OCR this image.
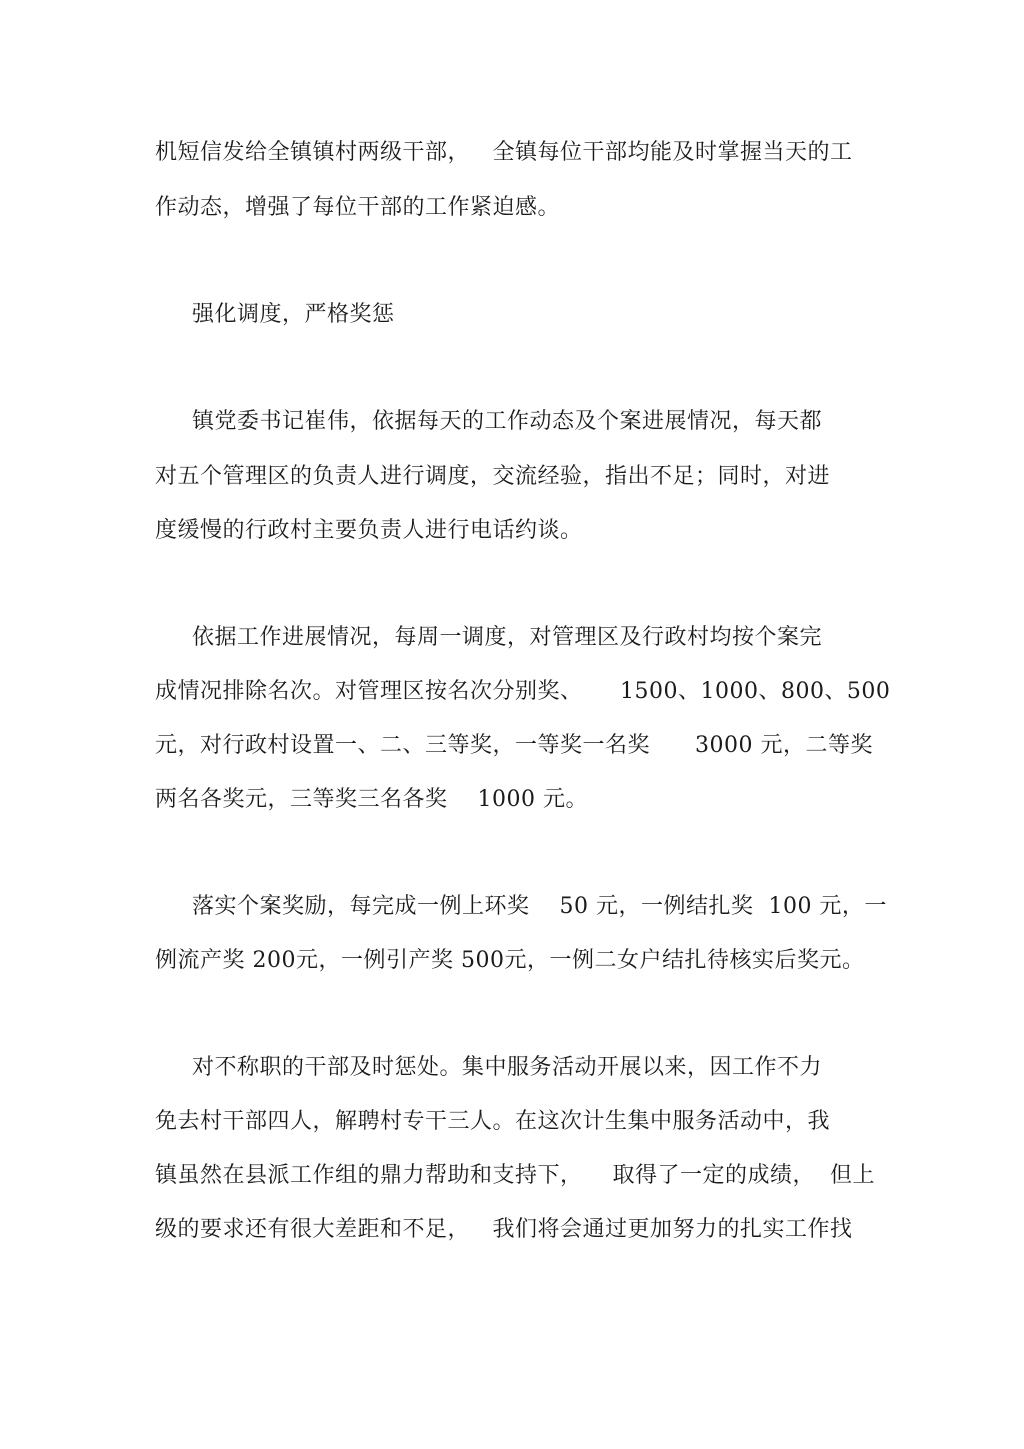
机短信发给全镇镇村两级干部，   全镇每位干部均能及时掌握当天的工
作动态，增强了每位干部的工作紧迫感。
强化调度，严格奖惩
镇党委书记崔伟，依据每天的工作动态及个案进展情况，每天都
对五个管理区的负责人进行调度，交流经验，指出不足；同时，对进
度缓慢的行政村主要负责人进行电话约谈。
依据工作进展情况，每周一调度，对管理区及行政村均按个案完
成情况排除名次。对管理区按名次分别奖、     1500、1000、800、500
元，对行政村设置一、二、三等奖，一等奖一名奖      3000 元，二等奖
两名各奖元，三等奖三名各奖    1000 元。
落实个案奖励，每完成一例上环奖    50 元，一例结扎奖  100 元，一
例流产奖 200元，一例引产奖 500元，一例二女户结扎待核实后奖元。
对不称职的干部及时惩处。集中服务活动开展以来，因工作不力
免去村干部四人，解聘村专干三人。在这次计生集中服务活动中，我
镇虽然在县派工作组的鼎力帮助和支持下，    取得了一定的成绩，  但上
级的要求还有很大差距和不足，   我们将会通过更加努力的扎实工作找
